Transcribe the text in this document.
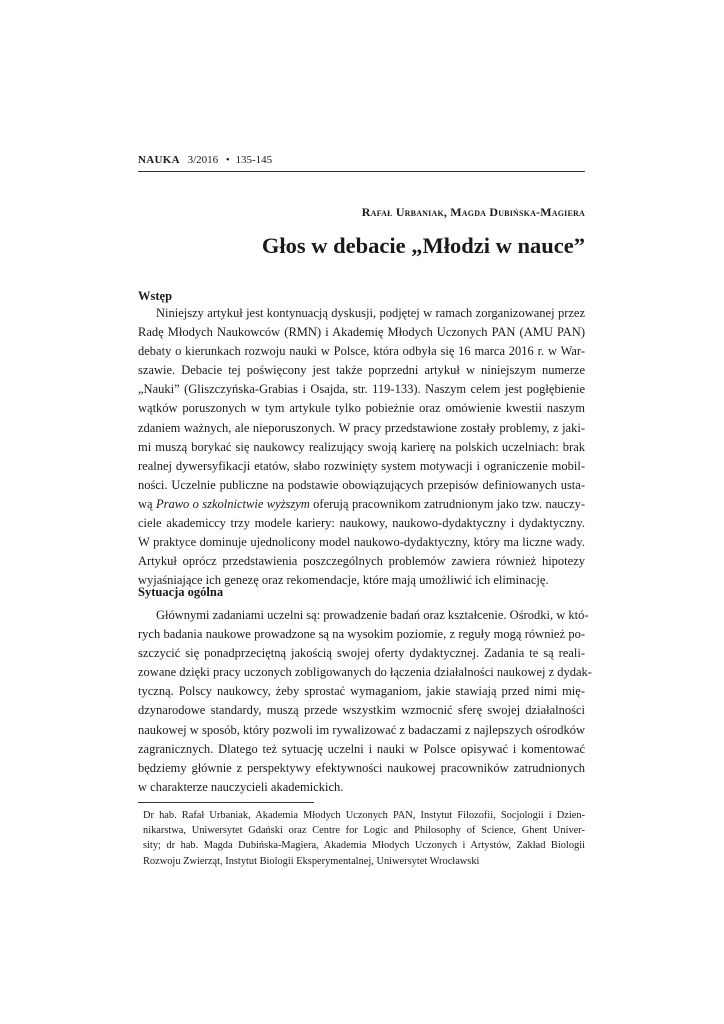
NAUKA 3/2016 • 135-145
Rafał Urbaniak, Magda Dubińska-Magiera
Głos w debacie „Młodzi w nauce”
Wstęp
Niniejszy artykuł jest kontynuacją dyskusji, podjętej w ramach zorganizowanej przez
Radę Młodych Naukowców (RMN) i Akademię Młodych Uczonych PAN (AMU PAN)
debaty o kierunkach rozwoju nauki w Polsce, która odbyła się 16 marca 2016 r. w War-
szawie. Debacie tej poświęcony jest także poprzedni artykuł w niniejszym numerze
„Nauki” (Gliszczyńska-Grabias i Osajda, str. 119-133). Naszym celem jest pogłębienie
wątków poruszonych w tym artykule tylko pobieżnie oraz omówienie kwestii naszym
zdaniem ważnych, ale nieporuszonych. W pracy przedstawione zostały problemy, z jaki-
mi muszą borykać się naukowcy realizujący swoją karierę na polskich uczelniach: brak
realnej dywersyfikacji etatów, słabo rozwinięty system motywacji i ograniczenie mobil-
ności. Uczelnie publiczne na podstawie obowiązujących przepisów definiowanych usta-
wą Prawo o szkolnictwie wyższym oferują pracownikom zatrudnionym jako tzw. nauczy-
ciele akademiccy trzy modele kariery: naukowy, naukowo-dydaktyczny i dydaktyczny.
W praktyce dominuje ujednolicony model naukowo-dydaktyczny, który ma liczne wady.
Artykuł oprócz przedstawienia poszczególnych problemów zawiera również hipotezy
wyjaśniające ich genezę oraz rekomendacje, które mają umożliwić ich eliminację.
Sytuacja ogólna
Głównymi zadaniami uczelni są: prowadzenie badań oraz kształcenie. Ośrodki, w któ-
rych badania naukowe prowadzone są na wysokim poziomie, z reguły mogą również po-
szczycić się ponadprzeciętną jakością swojej oferty dydaktycznej. Zadania te są reali-
zowane dzięki pracy uczonych zobligowanych do łączenia działalności naukowej z dydak-
tyczną. Polscy naukowcy, żeby sprostać wymaganiom, jakie stawiają przed nimi mię-
dzynarodowe standardy, muszą przede wszystkim wzmocnić sferę swojej działalności
naukowej w sposób, który pozwoli im rywalizować z badaczami z najlepszych ośrodków
zagranicznych. Dlatego też sytuację uczelni i nauki w Polsce opisywać i komentować
będziemy głównie z perspektywy efektywności naukowej pracowników zatrudnionych
w charakterze nauczycieli akademickich.
Dr hab. Rafał Urbaniak, Akademia Młodych Uczonych PAN, Instytut Filozofii, Socjologii i Dzien-
nikarstwa, Uniwersytet Gdański oraz Centre for Logic and Philosophy of Science, Ghent Univer-
sity; dr hab. Magda Dubińska-Magiera, Akademia Młodych Uczonych i Artystów, Zakład Biologii
Rozwoju Zwierząt, Instytut Biologii Eksperymentalnej, Uniwersytet Wrocławski
